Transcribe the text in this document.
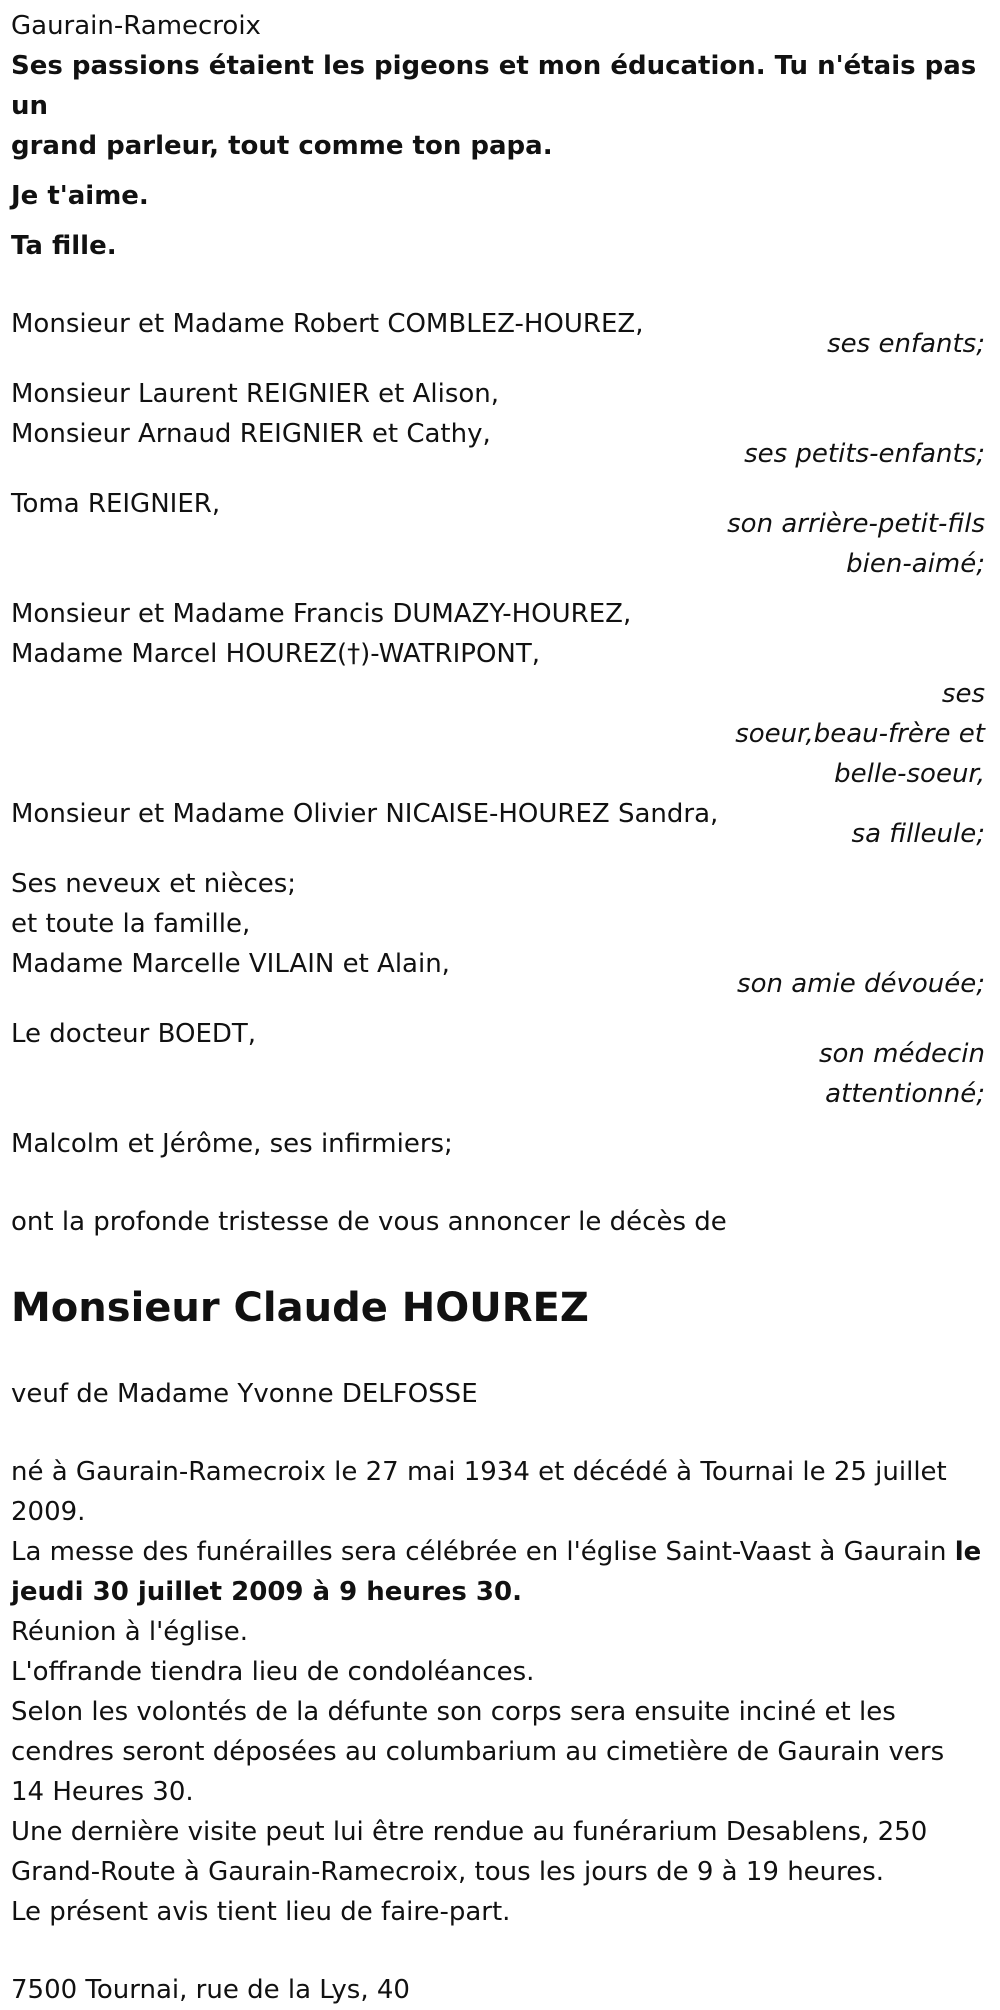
Gaurain-Ramecroix
Ses passions étaient les pigeons et mon éducation. Tu n'étais pas un
grand parleur, tout comme ton papa.
Je t'aime.
Ta fille.
Monsieur et Madame Robert COMBLEZ-HOUREZ,
ses enfants;
Monsieur Laurent REIGNIER et Alison,
Monsieur Arnaud REIGNIER et Cathy,
ses petits-enfants;
Toma REIGNIER,
son arrière-petit-fils
bien-aimé;
Monsieur et Madame Francis DUMAZY-HOUREZ,
Madame Marcel HOUREZ(†)-WATRIPONT,
ses
soeur,beau-frère et
belle-soeur,
Monsieur et Madame Olivier NICAISE-HOUREZ Sandra,
sa filleule;
Ses neveux et nièces;
et toute la famille,
Madame Marcelle VILAIN et Alain,
son amie dévouée;
Le docteur BOEDT,
son médecin
attentionné;
Malcolm et Jérôme, ses infirmiers;
ont la profonde tristesse de vous annoncer le décès de
Monsieur Claude HOUREZ
veuf de Madame Yvonne DELFOSSE
né à Gaurain-Ramecroix le 27 mai 1934 et décédé à Tournai le 25 juillet
2009.
La messe des funérailles sera célébrée en l'église Saint-Vaast à Gaurain le
jeudi 30 juillet 2009 à 9 heures 30.
Réunion à l'église.
L'offrande tiendra lieu de condoléances.
Selon les volontés de la défunte son corps sera ensuite inciné et les
cendres seront déposées au columbarium au cimetière de Gaurain vers
14 Heures 30.
Une dernière visite peut lui être rendue au funérarium Desablens, 250
Grand-Route à Gaurain-Ramecroix, tous les jours de 9 à 19 heures.
Le présent avis tient lieu de faire-part.
7500 Tournai, rue de la Lys, 40
